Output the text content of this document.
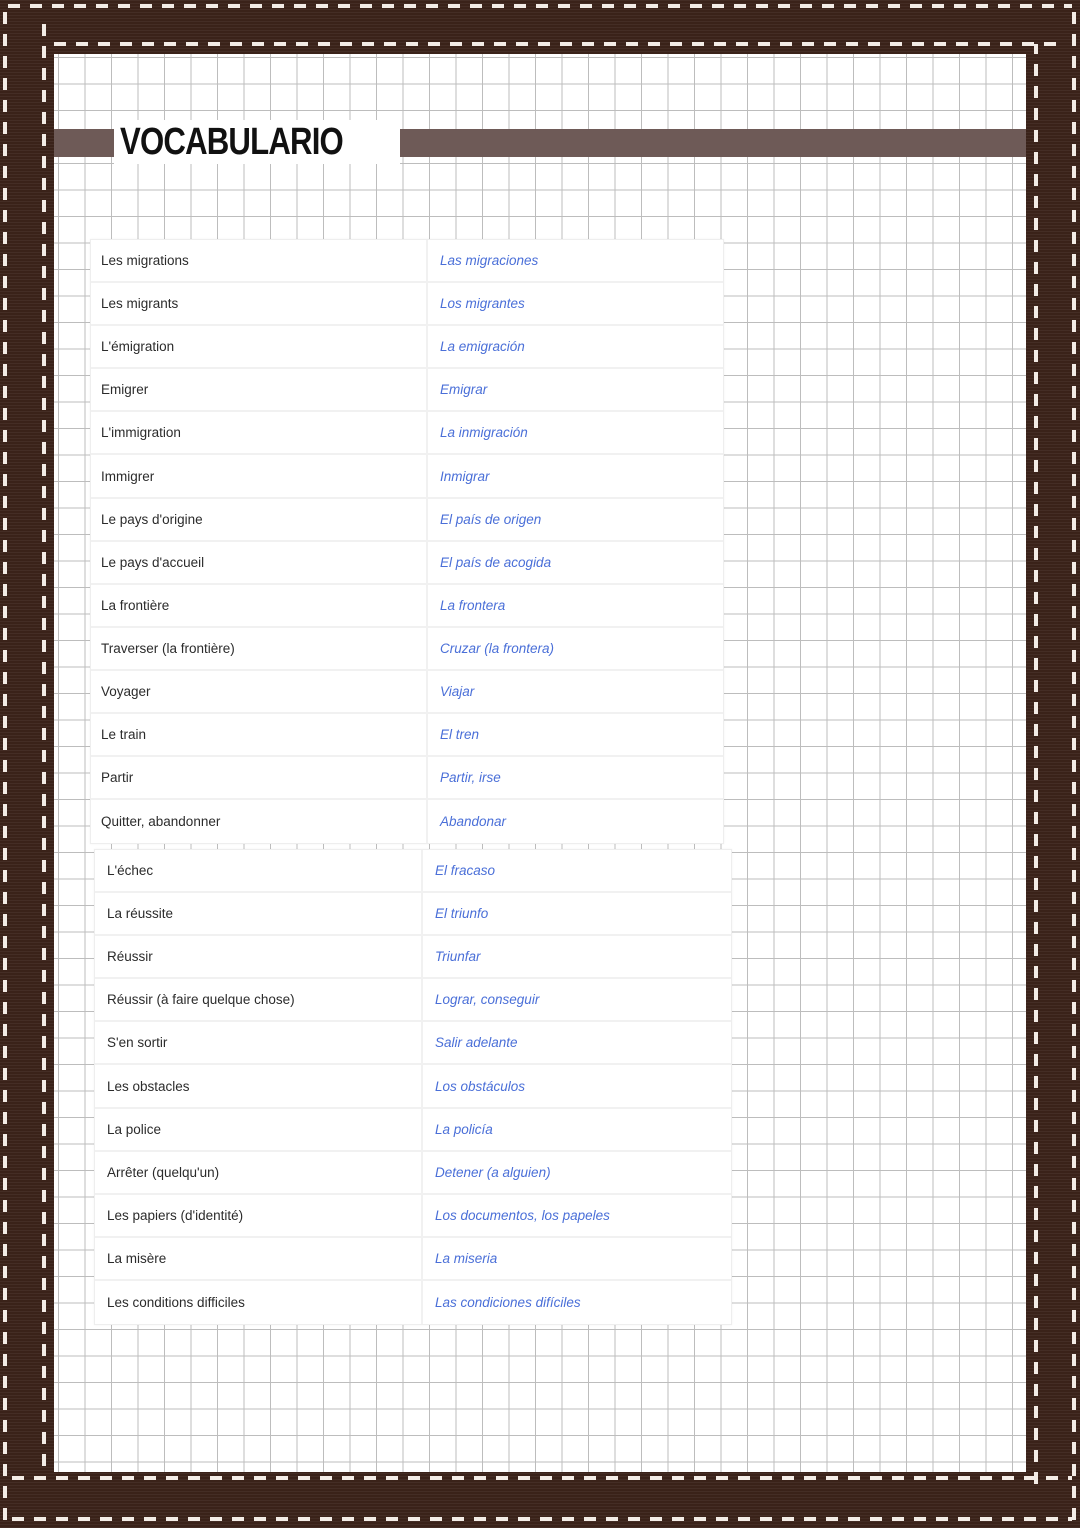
VOCABULARIO
Les migrations	Las migraciones
Les migrants	Los migrantes
L'émigration	La emigración
Emigrer	Emigrar
L'immigration	La inmigración
Immigrer	Inmigrar
Le pays d'origine	El país de origen
Le pays d'accueil	El país de acogida
La frontière	La frontera
Traverser (la frontière)	Cruzar (la frontera)
Voyager	Viajar
Le train	El tren
Partir	Partir, irse
Quitter, abandonner	Abandonar
L'échec	El fracaso
La réussite	El triunfo
Réussir	Triunfar
Réussir (à faire quelque chose)	Lograr, conseguir
S'en sortir	Salir adelante
Les obstacles	Los obstáculos
La police	La policía
Arrêter (quelqu'un)	Detener (a alguien)
Les papiers (d'identité)	Los documentos, los papeles
La misère	La miseria
Les conditions difficiles	Las condiciones difíciles
